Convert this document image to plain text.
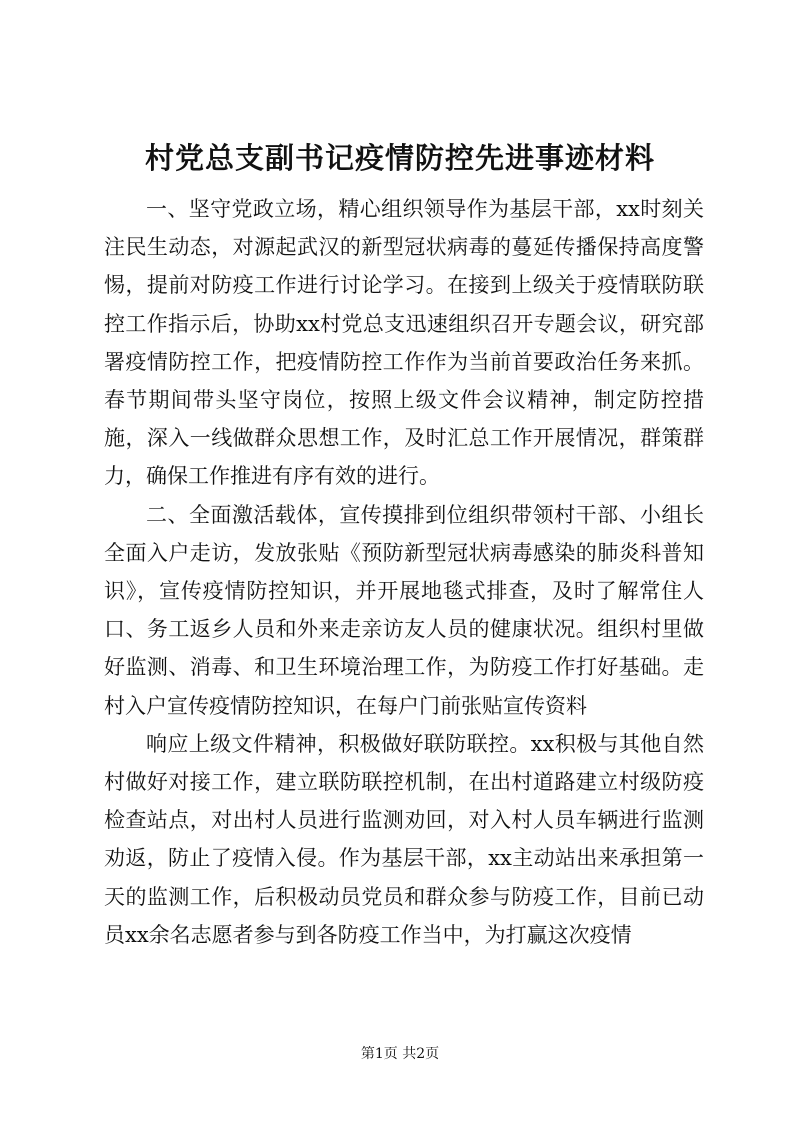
村党总支副书记疫情防控先进事迹材料

一、坚守党政立场，精心组织领导作为基层干部，xx时刻关注民生动态，对源起武汉的新型冠状病毒的蔓延传播保持高度警惕，提前对防疫工作进行讨论学习。在接到上级关于疫情联防联控工作指示后，协助xx村党总支迅速组织召开专题会议，研究部署疫情防控工作，把疫情防控工作作为当前首要政治任务来抓。春节期间带头坚守岗位，按照上级文件会议精神，制定防控措施，深入一线做群众思想工作，及时汇总工作开展情况，群策群力，确保工作推进有序有效的进行。

二、全面激活载体，宣传摸排到位组织带领村干部、小组长全面入户走访，发放张贴《预防新型冠状病毒感染的肺炎科普知识》，宣传疫情防控知识，并开展地毯式排查，及时了解常住人口、务工返乡人员和外来走亲访友人员的健康状况。组织村里做好监测、消毒、和卫生环境治理工作，为防疫工作打好基础。走村入户宣传疫情防控知识，在每户门前张贴宣传资料

响应上级文件精神，积极做好联防联控。xx积极与其他自然村做好对接工作，建立联防联控机制，在出村道路建立村级防疫检查站点，对出村人员进行监测劝回，对入村人员车辆进行监测劝返，防止了疫情入侵。作为基层干部，xx主动站出来承担第一天的监测工作，后积极动员党员和群众参与防疫工作，目前已动员xx余名志愿者参与到各防疫工作当中，为打赢这次疫情

第1页 共2页
